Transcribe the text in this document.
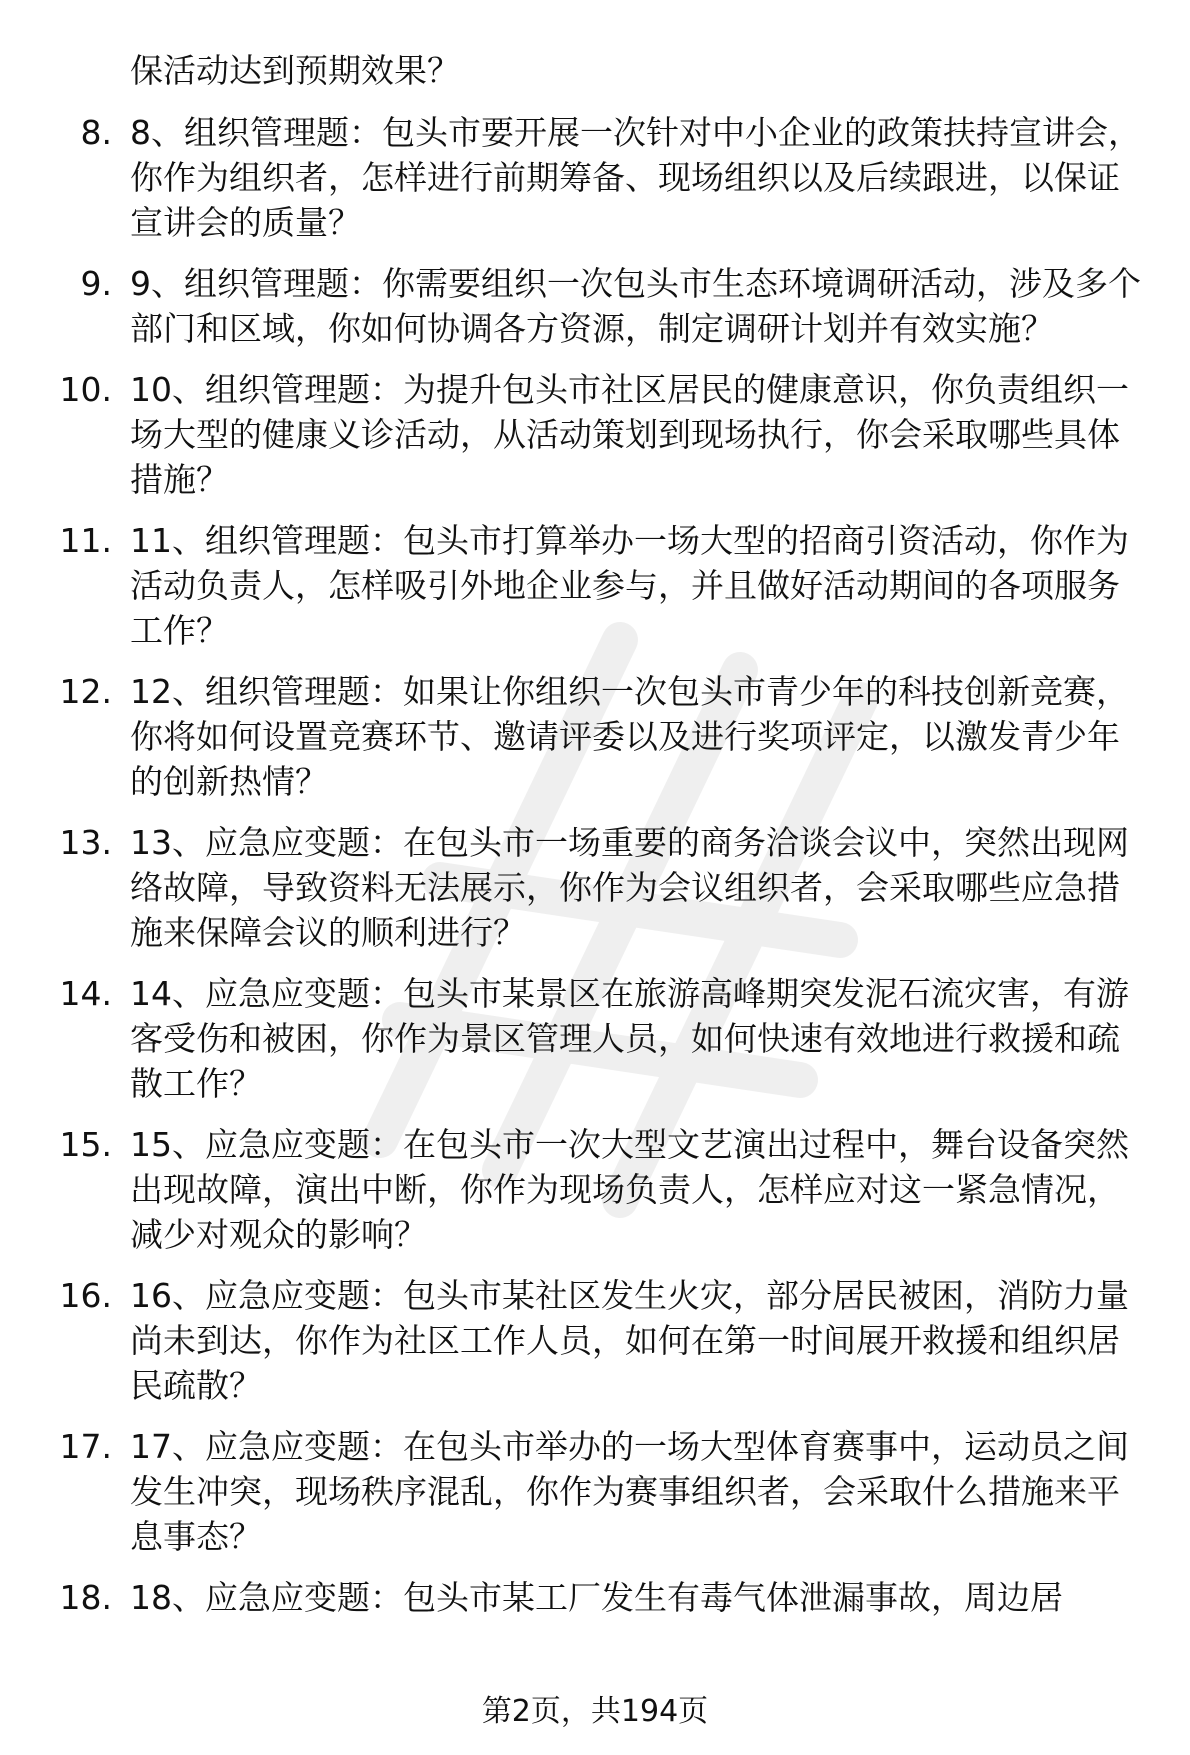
保活动达到预期效果？

8. 8、组织管理题：包头市要开展一次针对中小企业的政策扶持宣讲会，你作为组织者，怎样进行前期筹备、现场组织以及后续跟进，以保证宣讲会的质量？
9. 9、组织管理题：你需要组织一次包头市生态环境调研活动，涉及多个部门和区域，你如何协调各方资源，制定调研计划并有效实施？
10. 10、组织管理题：为提升包头市社区居民的健康意识，你负责组织一场大型的健康义诊活动，从活动策划到现场执行，你会采取哪些具体措施？
11. 11、组织管理题：包头市打算举办一场大型的招商引资活动，你作为活动负责人，怎样吸引外地企业参与，并且做好活动期间的各项服务工作？
12. 12、组织管理题：如果让你组织一次包头市青少年的科技创新竞赛，你将如何设置竞赛环节、邀请评委以及进行奖项评定，以激发青少年的创新热情？
13. 13、应急应变题：在包头市一场重要的商务洽谈会议中，突然出现网络故障，导致资料无法展示，你作为会议组织者，会采取哪些应急措施来保障会议的顺利进行？
14. 14、应急应变题：包头市某景区在旅游高峰期突发泥石流灾害，有游客受伤和被困，你作为景区管理人员，如何快速有效地进行救援和疏散工作？
15. 15、应急应变题：在包头市一次大型文艺演出过程中，舞台设备突然出现故障，演出中断，你作为现场负责人，怎样应对这一紧急情况，减少对观众的影响？
16. 16、应急应变题：包头市某社区发生火灾，部分居民被困，消防力量尚未到达，你作为社区工作人员，如何在第一时间展开救援和组织居民疏散？
17. 17、应急应变题：在包头市举办的一场大型体育赛事中，运动员之间发生冲突，现场秩序混乱，你作为赛事组织者，会采取什么措施来平息事态？
18. 18、应急应变题：包头市某工厂发生有毒气体泄漏事故，周边居
第2页，共194页
